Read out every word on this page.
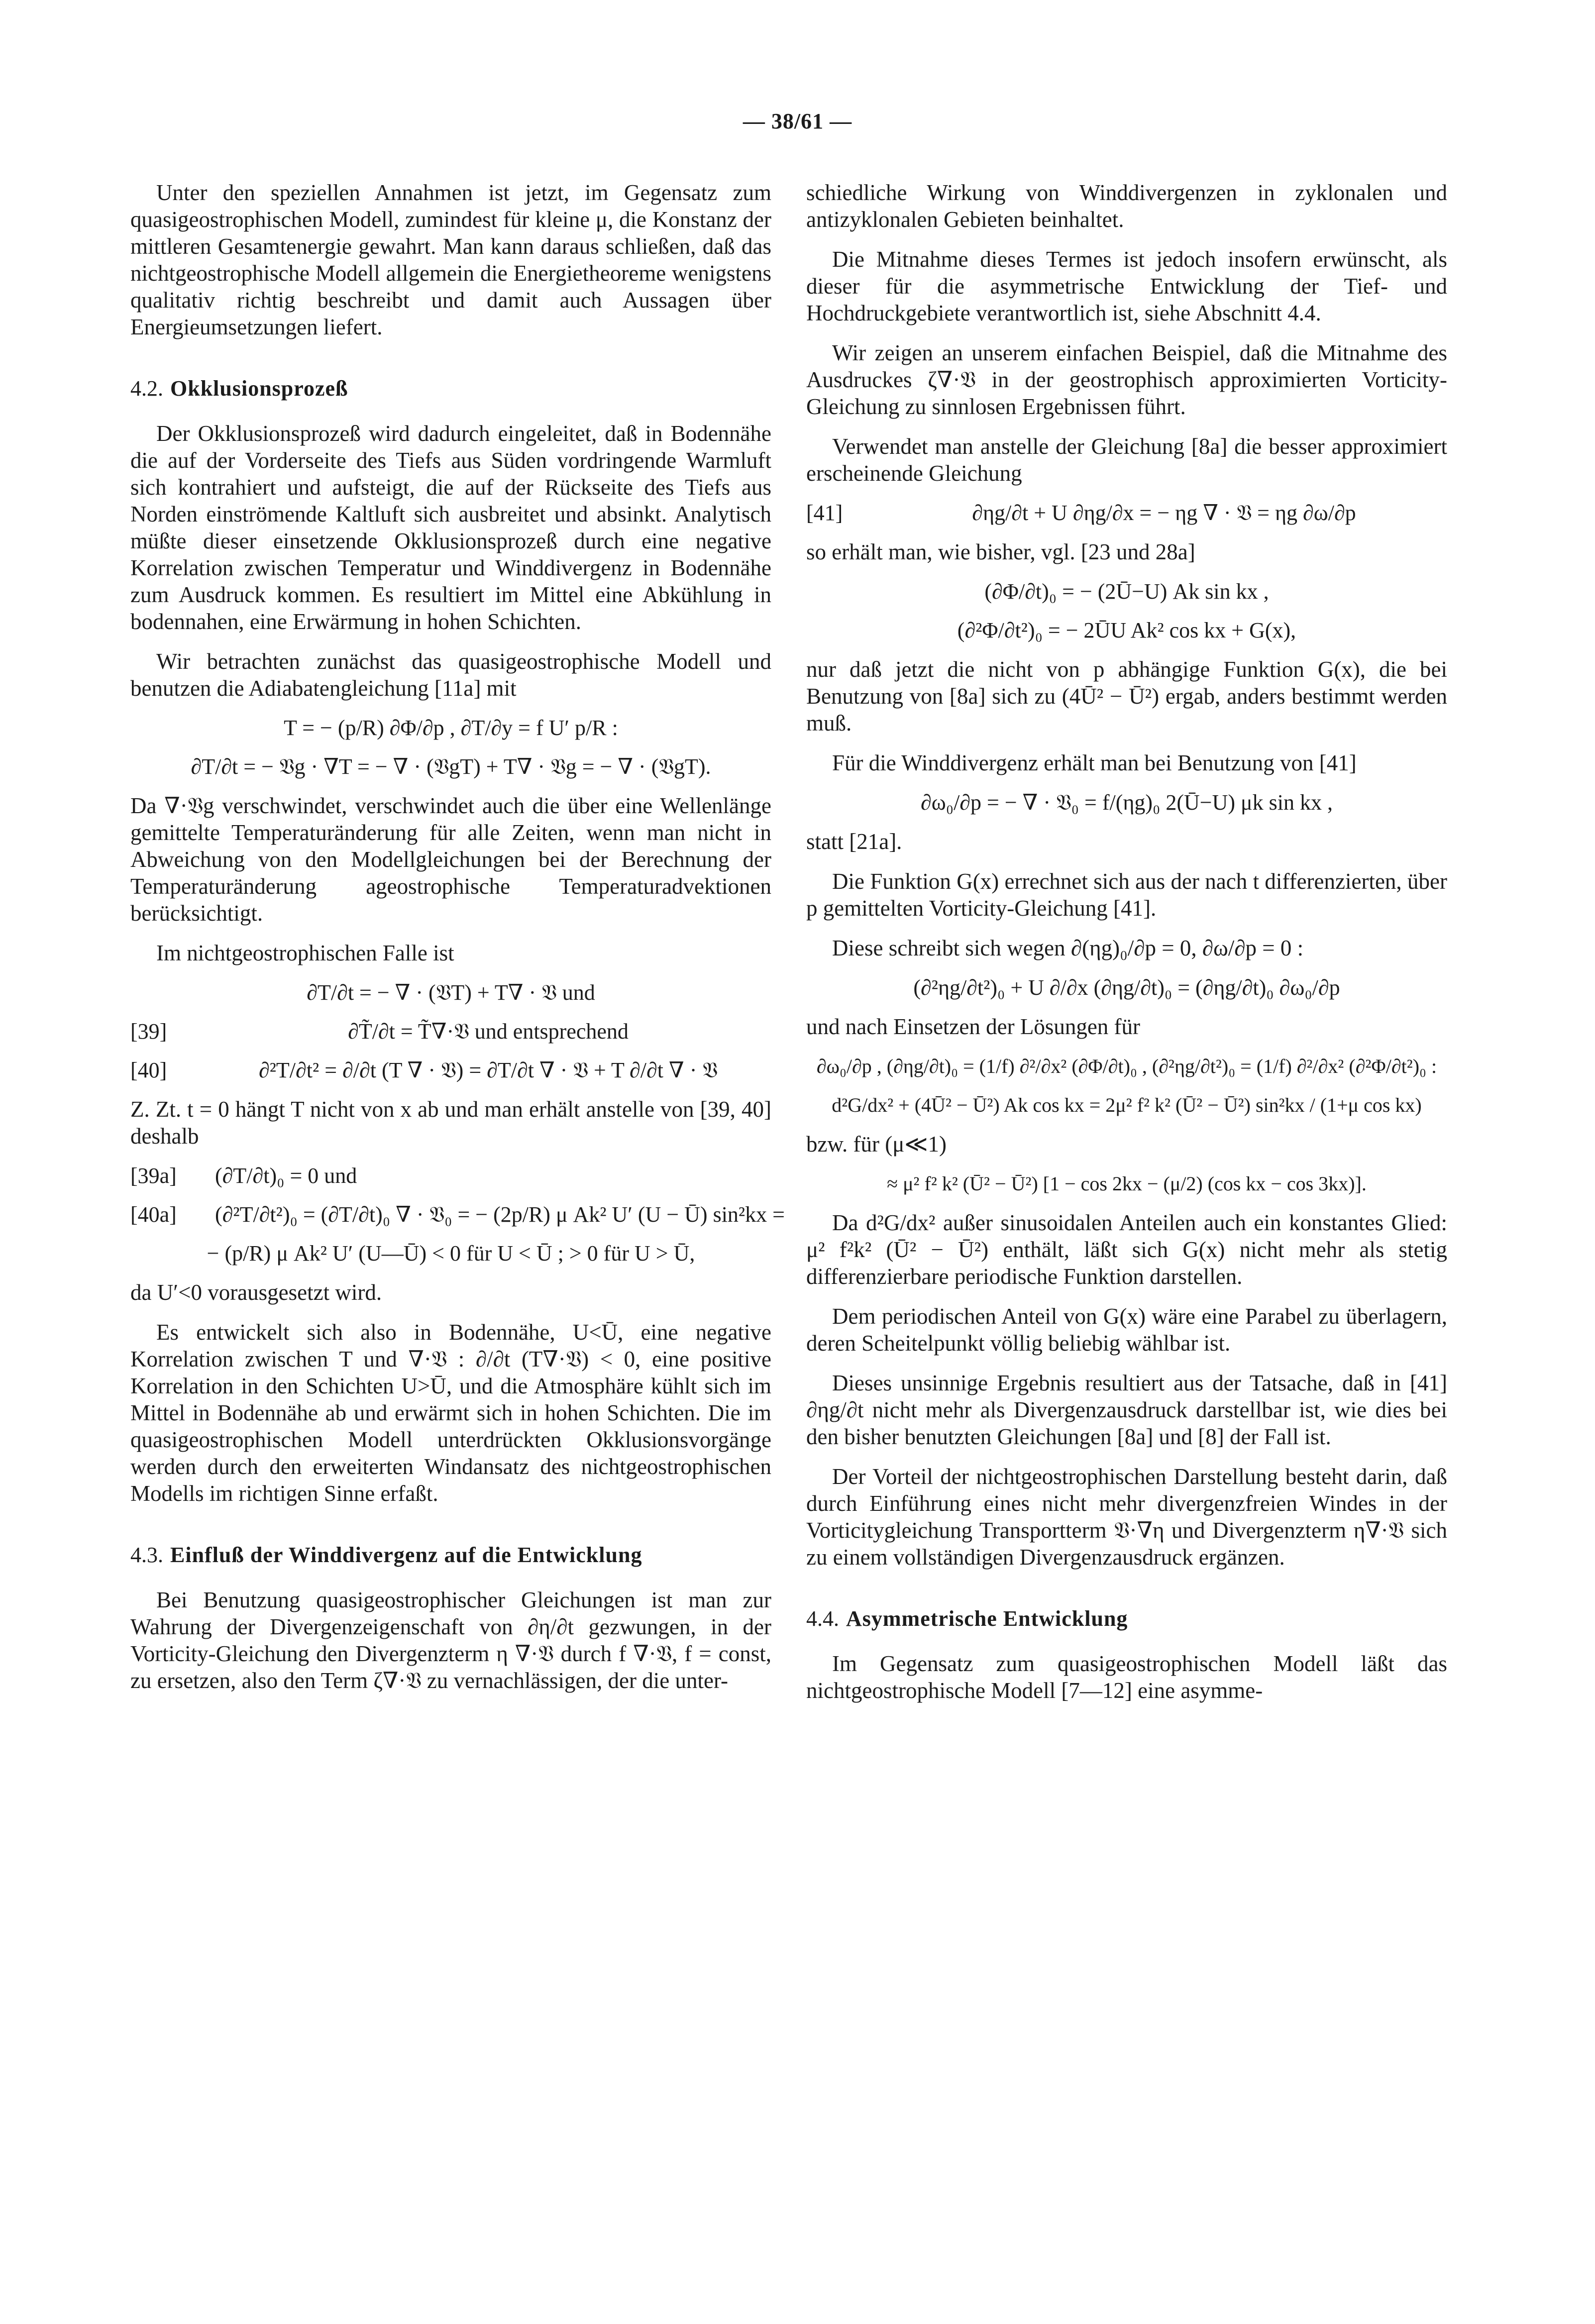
— 38/61 —

Unter den speziellen Annahmen ist jetzt, im Gegensatz zum quasigeostrophischen Modell, zumindest für kleine μ, die Konstanz der mittleren Gesamtenergie gewahrt. Man kann daraus schließen, daß das nichtgeostrophische Modell allgemein die Energietheoreme wenigstens qualitativ richtig beschreibt und damit auch Aussagen über Energieumsetzungen liefert.

4.2. Okklusionsprozeß

Der Okklusionsprozeß wird dadurch eingeleitet, daß in Bodennähe die auf der Vorderseite des Tiefs aus Süden vordringende Warmluft sich kontrahiert und aufsteigt, die auf der Rückseite des Tiefs aus Norden einströmende Kaltluft sich ausbreitet und absinkt. Analytisch müßte dieser einsetzende Okklusionsprozeß durch eine negative Korrelation zwischen Temperatur und Winddivergenz in Bodennähe zum Ausdruck kommen. Es resultiert im Mittel eine Abkühlung in bodennahen, eine Erwärmung in hohen Schichten.

Wir betrachten zunächst das quasigeostrophische Modell und benutzen die Adiabatengleichung [11a] mit

T = − (p/R) ∂Φ/∂p , ∂T/∂y = f U′ p/R :
∂T/∂t = − 𝔙g · ∇T = − ∇ · (𝔙gT) + T∇ · 𝔙g = − ∇ · (𝔙gT).

Da ∇·𝔙g verschwindet, verschwindet auch die über eine Wellenlänge gemittelte Temperaturänderung für alle Zeiten, wenn man nicht in Abweichung von den Modellgleichungen bei der Berechnung der Temperaturänderung ageostrophische Temperaturadvektionen berücksichtigt.

Im nichtgeostrophischen Falle ist

∂T/∂t = − ∇ · (𝔙T) + T∇ · 𝔙 und
[39]	∂T̃/∂t = T̃∇·𝔙 und entsprechend
[40]	∂²T/∂t² = ∂/∂t (T ∇ · 𝔙) = ∂T/∂t ∇ · 𝔙 + T ∂/∂t ∇ · 𝔙

Z. Zt. t = 0 hängt T nicht von x ab und man erhält anstelle von [39, 40] deshalb

[39a]	(∂T/∂t)₀ = 0 und
[40a]	(∂²T/∂t²)₀ = (∂T/∂t)₀ ∇ · 𝔙₀ = − (2p/R) μ Ak² U′ (U − Ū) sin²kx =
− (p/R) μ Ak² U′ (U—Ū) < 0 für U < Ū ; > 0 für U > Ū,

da U′<0 vorausgesetzt wird.

Es entwickelt sich also in Bodennähe, U<Ū, eine negative Korrelation zwischen T und ∇·𝔙 : ∂/∂t (T∇·𝔙) < 0, eine positive Korrelation in den Schichten U>Ū, und die Atmosphäre kühlt sich im Mittel in Bodennähe ab und erwärmt sich in hohen Schichten. Die im quasigeostrophischen Modell unterdrückten Okklusionsvorgänge werden durch den erweiterten Windansatz des nichtgeostrophischen Modells im richtigen Sinne erfaßt.

4.3. Einfluß der Winddivergenz auf die Entwicklung

Bei Benutzung quasigeostrophischer Gleichungen ist man zur Wahrung der Divergenzeigenschaft von ∂η/∂t gezwungen, in der Vorticity-Gleichung den Divergenzterm η ∇·𝔙 durch f ∇·𝔙, f = const, zu ersetzen, also den Term ζ∇·𝔙 zu vernachlässigen, der die unter-

schiedliche Wirkung von Winddivergenzen in zyklonalen und antizyklonalen Gebieten beinhaltet.

Die Mitnahme dieses Termes ist jedoch insofern erwünscht, als dieser für die asymmetrische Entwicklung der Tief- und Hochdruckgebiete verantwortlich ist, siehe Abschnitt 4.4.

Wir zeigen an unserem einfachen Beispiel, daß die Mitnahme des Ausdruckes ζ∇·𝔙 in der geostrophisch approximierten Vorticity-Gleichung zu sinnlosen Ergebnissen führt.

Verwendet man anstelle der Gleichung [8a] die besser approximiert erscheinende Gleichung

[41]	∂ηg/∂t + U ∂ηg/∂x = − ηg ∇ · 𝔙 = ηg ∂ω/∂p

so erhält man, wie bisher, vgl. [23 und 28a]

(∂Φ/∂t)₀ = − (2Ū−U) Ak sin kx ,
(∂²Φ/∂t²)₀ = − 2ŪU Ak² cos kx + G(x),

nur daß jetzt die nicht von p abhängige Funktion G(x), die bei Benutzung von [8a] sich zu (4Ū² − Ū²) ergab, anders bestimmt werden muß.

Für die Winddivergenz erhält man bei Benutzung von [41]

∂ω₀/∂p = − ∇ · 𝔙₀ = f/(ηg)₀ 2(Ū−U) μk sin kx ,

statt [21a].

Die Funktion G(x) errechnet sich aus der nach t differenzierten, über p gemittelten Vorticity-Gleichung [41].

Diese schreibt sich wegen ∂(ηg)₀/∂p = 0, ∂ω/∂p = 0 :

(∂²ηg/∂t²)₀ + U ∂/∂x (∂ηg/∂t)₀ = (∂ηg/∂t)₀ ∂ω₀/∂p

und nach Einsetzen der Lösungen für

∂ω₀/∂p , (∂ηg/∂t)₀ = (1/f) ∂²/∂x² (∂Φ/∂t)₀ , (∂²ηg/∂t²)₀ = (1/f) ∂²/∂x² (∂²Φ/∂t²)₀ :
d²G/dx² + (4Ū² − Ū²) Ak cos kx = 2μ² f² k² (Ū² − Ū²) sin²kx / (1+μ cos kx)

bzw. für (μ≪1)

≈ μ² f² k² (Ū² − Ū²) [1 − cos 2kx − (μ/2) (cos kx − cos 3kx)].

Da d²G/dx² außer sinusoidalen Anteilen auch ein konstantes Glied: μ² f²k² (Ū² − Ū²) enthält, läßt sich G(x) nicht mehr als stetig differenzierbare periodische Funktion darstellen.

Dem periodischen Anteil von G(x) wäre eine Parabel zu überlagern, deren Scheitelpunkt völlig beliebig wählbar ist.

Dieses unsinnige Ergebnis resultiert aus der Tatsache, daß in [41] ∂ηg/∂t nicht mehr als Divergenzausdruck darstellbar ist, wie dies bei den bisher benutzten Gleichungen [8a] und [8] der Fall ist.

Der Vorteil der nichtgeostrophischen Darstellung besteht darin, daß durch Einführung eines nicht mehr divergenzfreien Windes in der Vorticitygleichung Transportterm 𝔙·∇η und Divergenzterm η∇·𝔙 sich zu einem vollständigen Divergenzausdruck ergänzen.

4.4. Asymmetrische Entwicklung

Im Gegensatz zum quasigeostrophischen Modell läßt das nichtgeostrophische Modell [7—12] eine asymme-
